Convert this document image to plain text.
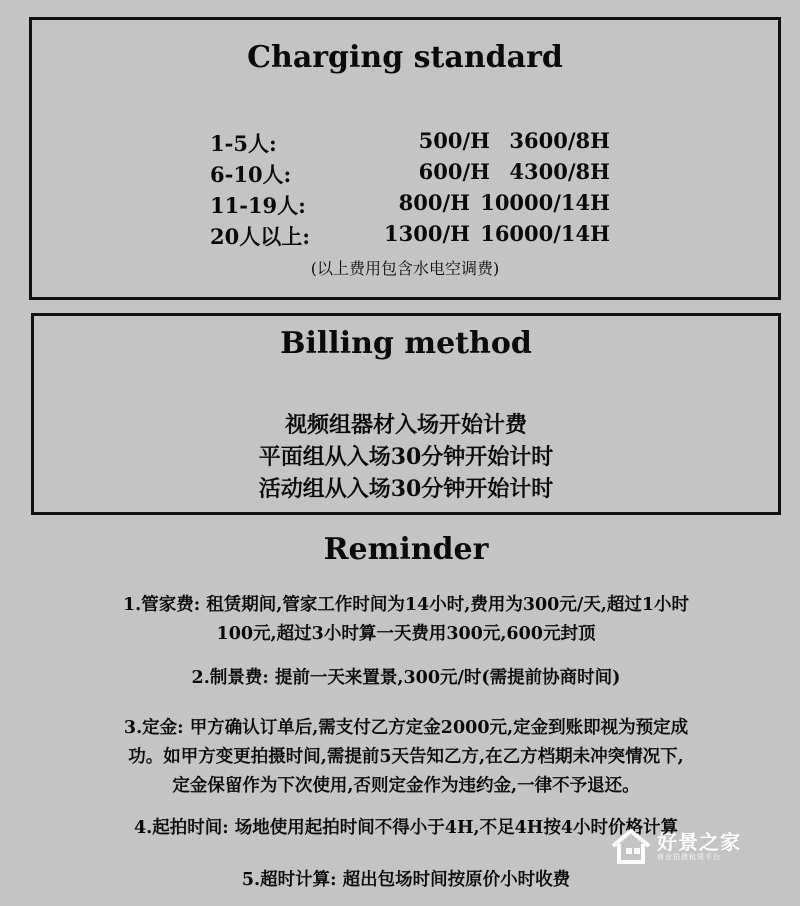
Charging standard
1-5人:	500/H 3600/8H
6-10人:	600/H 4300/8H
11-19人:	800/H 10000/14H
20人以上:	1300/H 16000/14H
(以上费用包含水电空调费)
Billing method
视频组器材入场开始计费
平面组从入场30分钟开始计时
活动组从入场30分钟开始计时
Reminder
1.管家费: 租赁期间,管家工作时间为14小时,费用为300元/天,超过1小时
100元,超过3小时算一天费用300元,600元封顶
2.制景费: 提前一天来置景,300元/时(需提前协商时间)
3.定金: 甲方确认订单后,需支付乙方定金2000元,定金到账即视为预定成
功。如甲方变更拍摄时间,需提前5天告知乙方,在乙方档期未冲突情况下,
定金保留作为下次使用,否则定金作为违约金,一律不予退还。
4.起拍时间: 场地使用起拍时间不得小于4H,不足4H按4小时价格计算
5.超时计算: 超出包场时间按原价小时收费
好景之家
商业拍摄租赁平台
